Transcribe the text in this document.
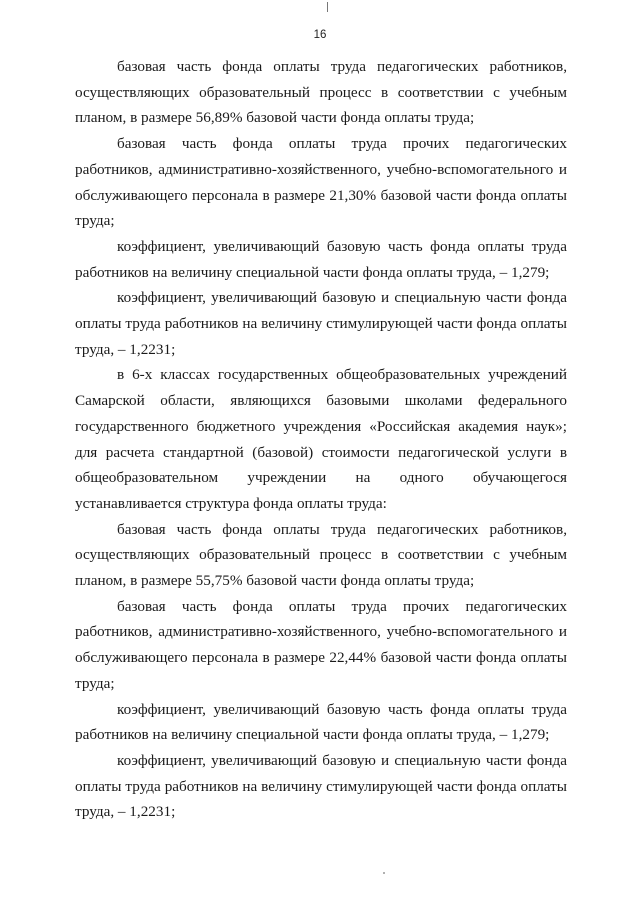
16

базовая часть фонда оплаты труда педагогических работников, осуществляющих образовательный процесс в соответствии с учебным планом, в размере 56,89% базовой части фонда оплаты труда;

базовая часть фонда оплаты труда прочих педагогических работников, административно-хозяйственного, учебно-вспомогательного и обслуживающего персонала в размере 21,30% базовой части фонда оплаты труда;

коэффициент, увеличивающий базовую часть фонда оплаты труда работников на величину специальной части фонда оплаты труда, – 1,279;

коэффициент, увеличивающий базовую и специальную части фонда оплаты труда работников на величину стимулирующей части фонда оплаты труда, – 1,2231;

в 6-х классах государственных общеобразовательных учреждений Самарской области, являющихся базовыми школами федерального государственного бюджетного учреждения «Российская академия наук»; для расчета стандартной (базовой) стоимости педагогической услуги в общеобразовательном учреждении на одного обучающегося

устанавливается структура фонда оплаты труда:

базовая часть фонда оплаты труда педагогических работников, осуществляющих образовательный процесс в соответствии с учебным планом, в размере 55,75% базовой части фонда оплаты труда;

базовая часть фонда оплаты труда прочих педагогических работников, административно-хозяйственного, учебно-вспомогательного и обслуживающего персонала в размере 22,44% базовой части фонда оплаты труда;

коэффициент, увеличивающий базовую часть фонда оплаты труда работников на величину специальной части фонда оплаты труда, – 1,279;

коэффициент, увеличивающий базовую и специальную части фонда оплаты труда работников на величину стимулирующей части фонда оплаты труда, – 1,2231;
